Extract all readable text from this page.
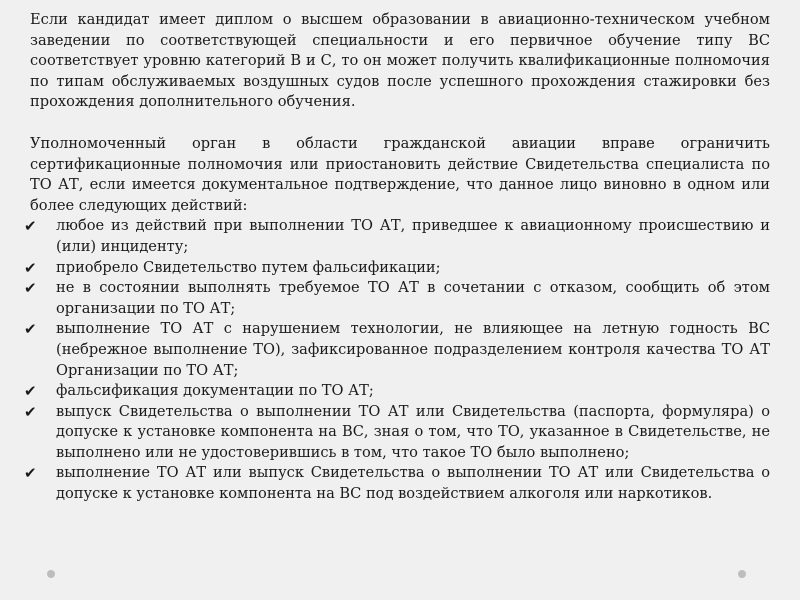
Если кандидат имеет диплом о высшем образовании в авиационно-техническом учебном заведении по соответствующей специальности и его первичное обучение типу ВС соответствует уровню категорий В и С, то он может получить квалификационные полномочия по типам обслуживаемых воздушных судов после успешного прохождения стажировки без прохождения дополнительного обучения.

Уполномоченный орган в области гражданской авиации вправе ограничить сертификационные полномочия или приостановить действие Свидетельства специалиста по ТО АТ, если имеется документальное подтверждение, что данное лицо виновно в одном или более следующих действий:

✔ любое из действий при выполнении ТО АТ, приведшее к авиационному происшествию и (или) инциденту;
✔ приобрело Свидетельство путем фальсификации;
✔ не в состоянии выполнять требуемое ТО АТ в сочетании с отказом, сообщить об этом организации по ТО АТ;
✔ выполнение ТО АТ с нарушением технологии, не влияющее на летную годность ВС (небрежное выполнение ТО), зафиксированное подразделением контроля качества ТО АТ Организации по ТО АТ;
✔ фальсификация документации по ТО АТ;
✔ выпуск Свидетельства о выполнении ТО АТ или Свидетельства (паспорта, формуляра) о допуске к установке компонента на ВС, зная о том, что ТО, указанное в Свидетельстве, не выполнено или не удостоверившись в том, что такое ТО было выполнено;
✔ выполнение ТО АТ или выпуск Свидетельства о выполнении ТО АТ или Свидетельства о допуске к установке компонента на ВС под воздействием алкоголя или наркотиков.
